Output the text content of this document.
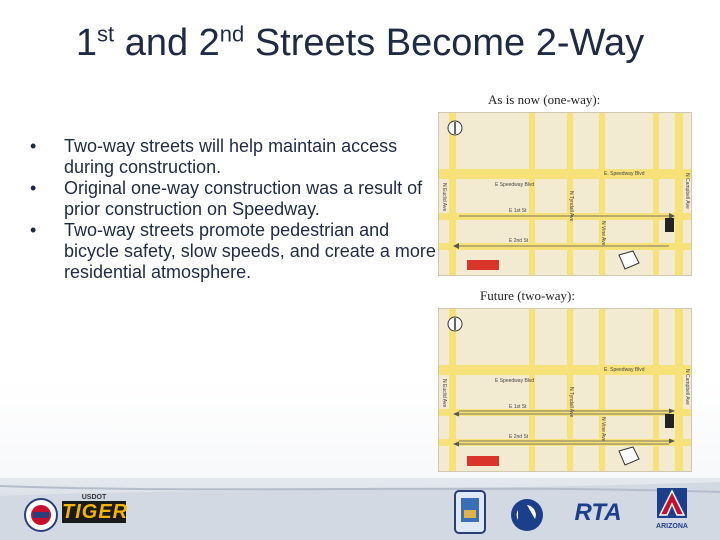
1st and 2nd Streets Become 2-Way
As is now (one-way):
Future (two-way):
• Two-way streets will help maintain access during construction.
• Original one-way construction was a result of prior construction on Speedway.
• Two-way streets promote pedestrian and bicycle safety, slow speeds, and create a more residential atmosphere.
E Speedway Blvd
E. Speedway Blvd
E 1st St
E 2nd St
N Euclid Ave	N Tyndall Ave
N Vine Ave
N Campbell Ave
E Speedway Blvd
E. Speedway Blvd
E 1st St
E 2nd St
N Euclid Ave	N Tyndall Ave
N Vine Ave
N Campbell Ave
USDOT
TIGER	RTA
ARIZONA
